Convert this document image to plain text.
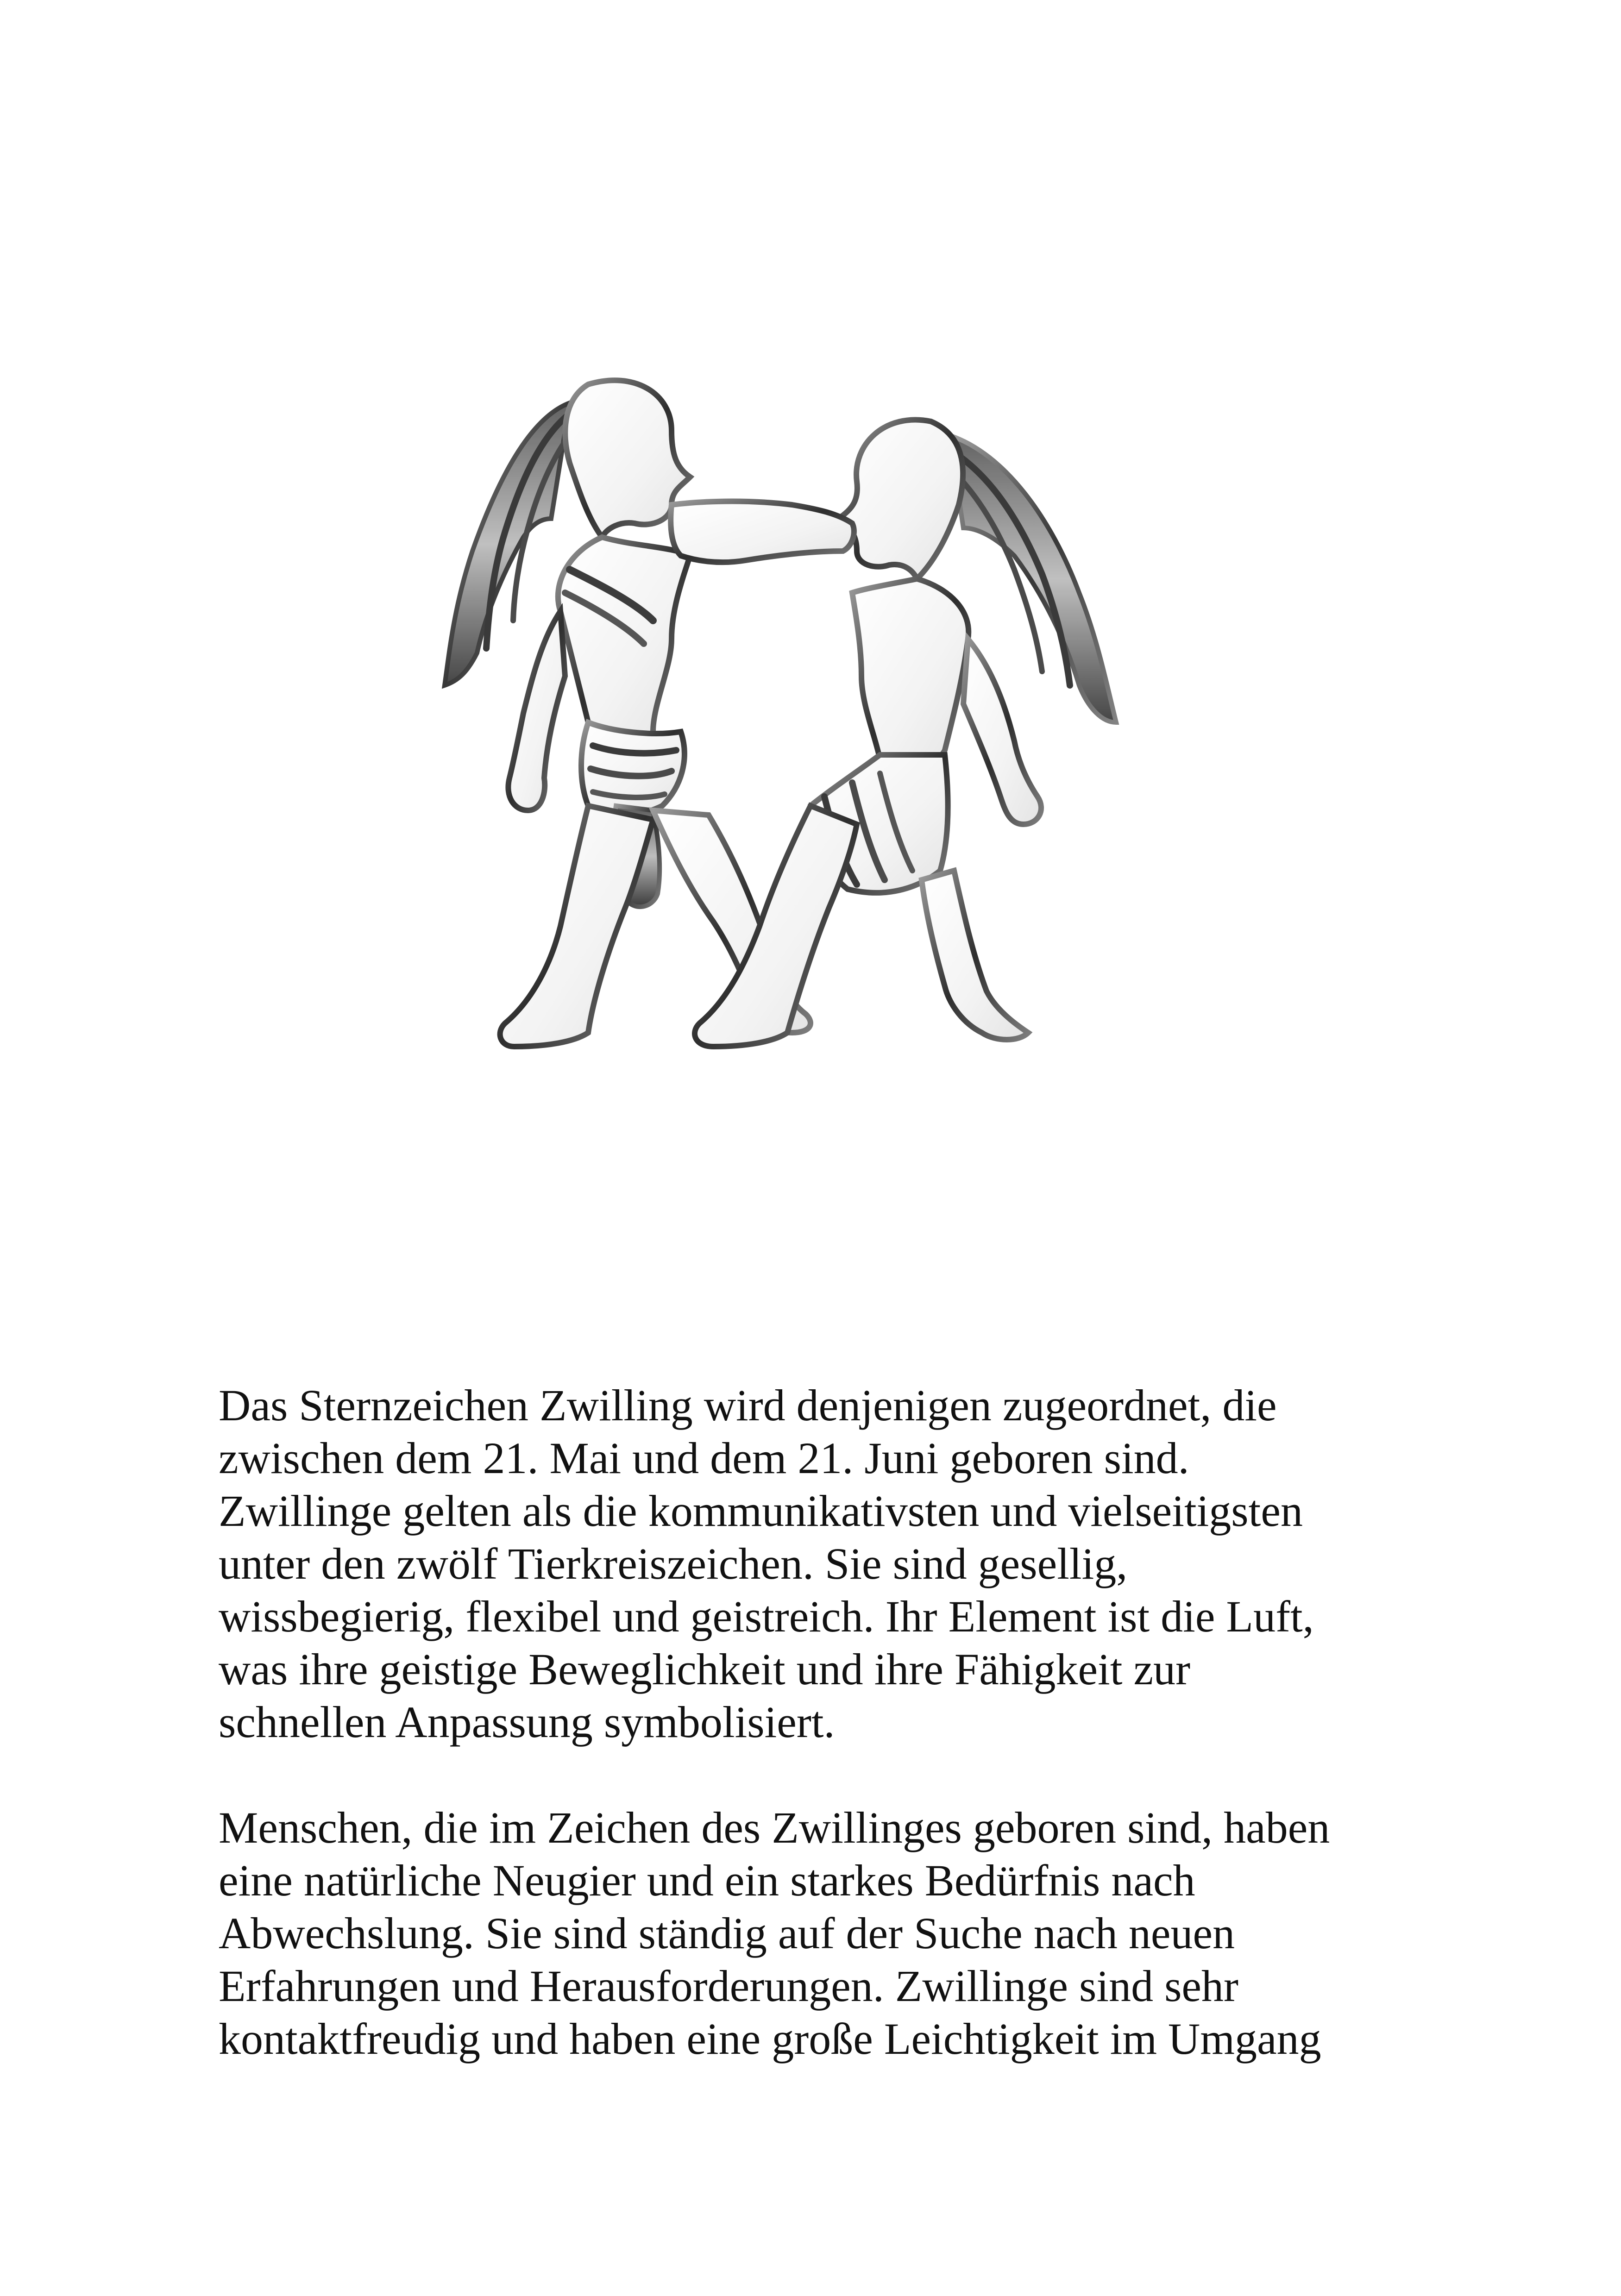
Das Sternzeichen Zwilling wird denjenigen zugeordnet, die
zwischen dem 21. Mai und dem 21. Juni geboren sind.
Zwillinge gelten als die kommunikativsten und vielseitigsten
unter den zwölf Tierkreiszeichen. Sie sind gesellig,
wissbegierig, flexibel und geistreich. Ihr Element ist die Luft,
was ihre geistige Beweglichkeit und ihre Fähigkeit zur
schnellen Anpassung symbolisiert.

Menschen, die im Zeichen des Zwillinges geboren sind, haben
eine natürliche Neugier und ein starkes Bedürfnis nach
Abwechslung. Sie sind ständig auf der Suche nach neuen
Erfahrungen und Herausforderungen. Zwillinge sind sehr
kontaktfreudig und haben eine große Leichtigkeit im Umgang
